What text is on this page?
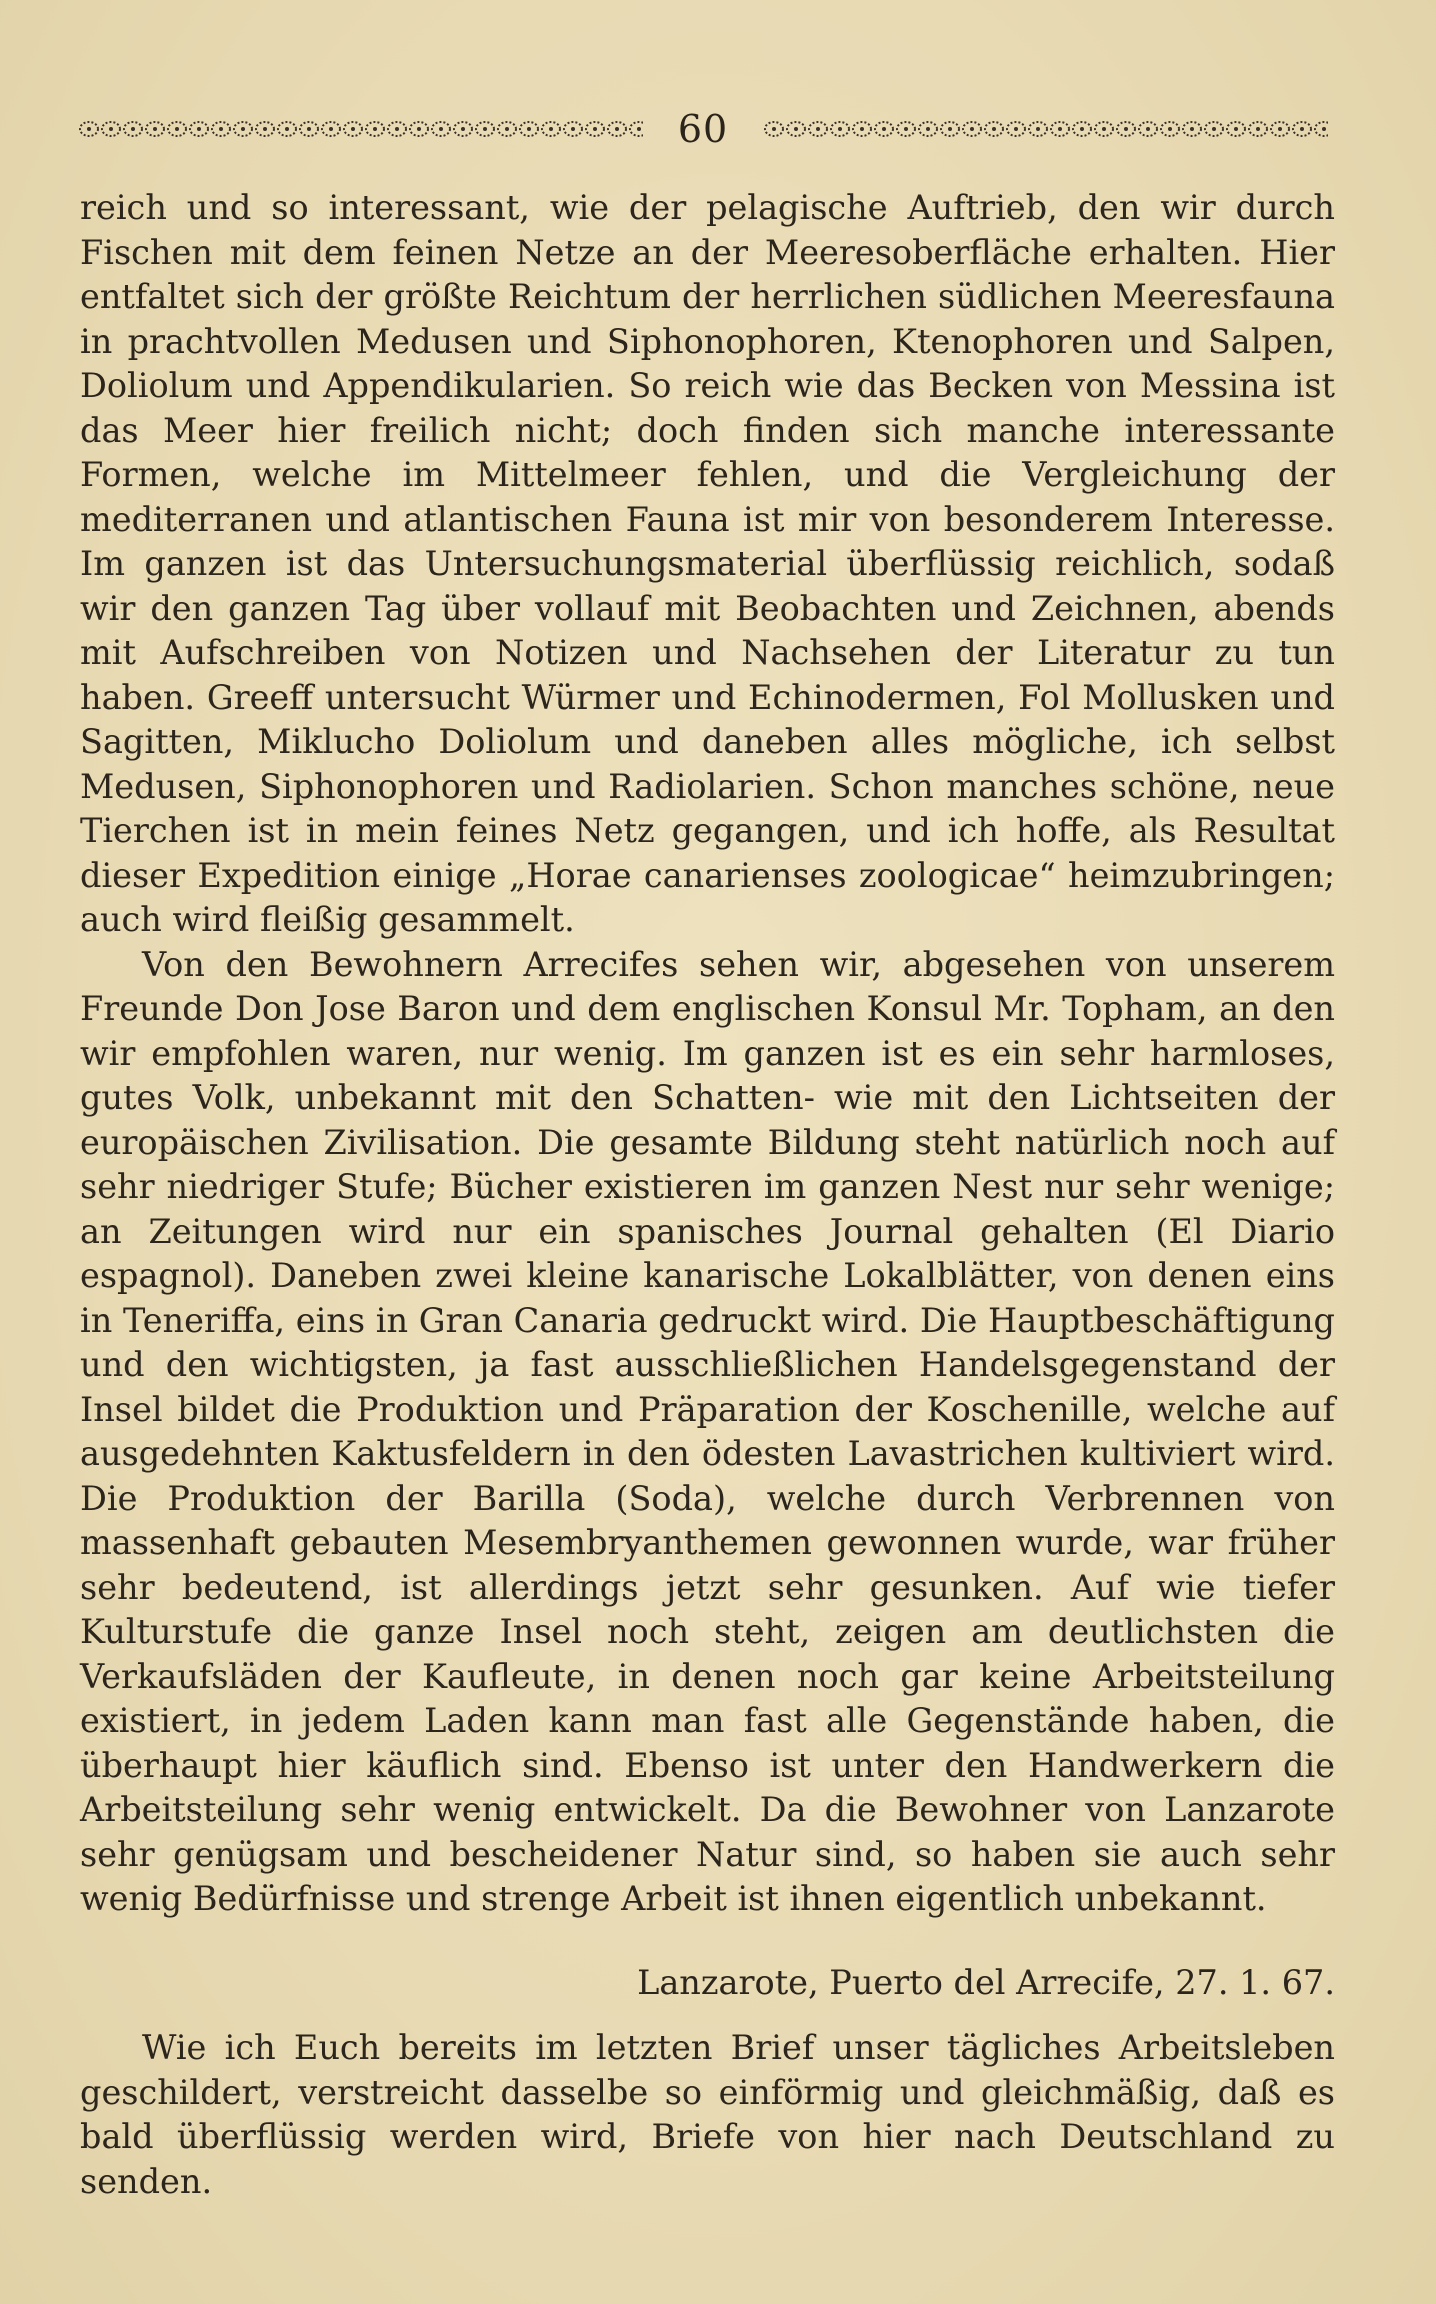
60

reich und so interessant, wie der pelagische Auftrieb, den wir durch Fischen mit dem feinen Netze an der Meeresoberfläche erhalten. Hier entfaltet sich der größte Reichtum der herrlichen südlichen Meeresfauna in prachtvollen Medusen und Siphonophoren, Ktenophoren und Salpen, Doliolum und Appendikularien. So reich wie das Becken von Messina ist das Meer hier freilich nicht; doch finden sich manche interessante Formen, welche im Mittelmeer fehlen, und die Vergleichung der mediterranen und atlantischen Fauna ist mir von besonderem Interesse. Im ganzen ist das Untersuchungsmaterial überflüssig reichlich, sodaß wir den ganzen Tag über vollauf mit Beobachten und Zeichnen, abends mit Aufschreiben von Notizen und Nachsehen der Literatur zu tun haben. Greeff untersucht Würmer und Echinodermen, Fol Mollusken und Sagitten, Miklucho Doliolum und daneben alles mögliche, ich selbst Medusen, Siphonophoren und Radiolarien. Schon manches schöne, neue Tierchen ist in mein feines Netz gegangen, und ich hoffe, als Resultat dieser Expedition einige „Horae canarienses zoologicae“ heimzubringen; auch wird fleißig gesammelt.

Von den Bewohnern Arrecifes sehen wir, abgesehen von unserem Freunde Don Jose Baron und dem englischen Konsul Mr. Topham, an den wir empfohlen waren, nur wenig. Im ganzen ist es ein sehr harmloses, gutes Volk, unbekannt mit den Schatten- wie mit den Lichtseiten der europäischen Zivilisation. Die gesamte Bildung steht natürlich noch auf sehr niedriger Stufe; Bücher existieren im ganzen Nest nur sehr wenige; an Zeitungen wird nur ein spanisches Journal gehalten (El Diario espagnol). Daneben zwei kleine kanarische Lokalblätter, von denen eins in Teneriffa, eins in Gran Canaria gedruckt wird. Die Hauptbeschäftigung und den wichtigsten, ja fast ausschließlichen Handelsgegenstand der Insel bildet die Produktion und Präparation der Koschenille, welche auf ausgedehnten Kaktusfeldern in den ödesten Lavastrichen kultiviert wird. Die Produktion der Barilla (Soda), welche durch Verbrennen von massenhaft gebauten Mesembryanthemen gewonnen wurde, war früher sehr bedeutend, ist allerdings jetzt sehr gesunken. Auf wie tiefer Kulturstufe die ganze Insel noch steht, zeigen am deutlichsten die Verkaufsläden der Kaufleute, in denen noch gar keine Arbeitsteilung existiert, in jedem Laden kann man fast alle Gegenstände haben, die überhaupt hier käuflich sind. Ebenso ist unter den Handwerkern die Arbeitsteilung sehr wenig entwickelt. Da die Bewohner von Lanzarote sehr genügsam und bescheidener Natur sind, so haben sie auch sehr wenig Bedürfnisse und strenge Arbeit ist ihnen eigentlich unbekannt.

Lanzarote, Puerto del Arrecife, 27. 1. 67.

Wie ich Euch bereits im letzten Brief unser tägliches Arbeitsleben geschildert, verstreicht dasselbe so einförmig und gleichmäßig, daß es bald überflüssig werden wird, Briefe von hier nach Deutschland zu senden.
